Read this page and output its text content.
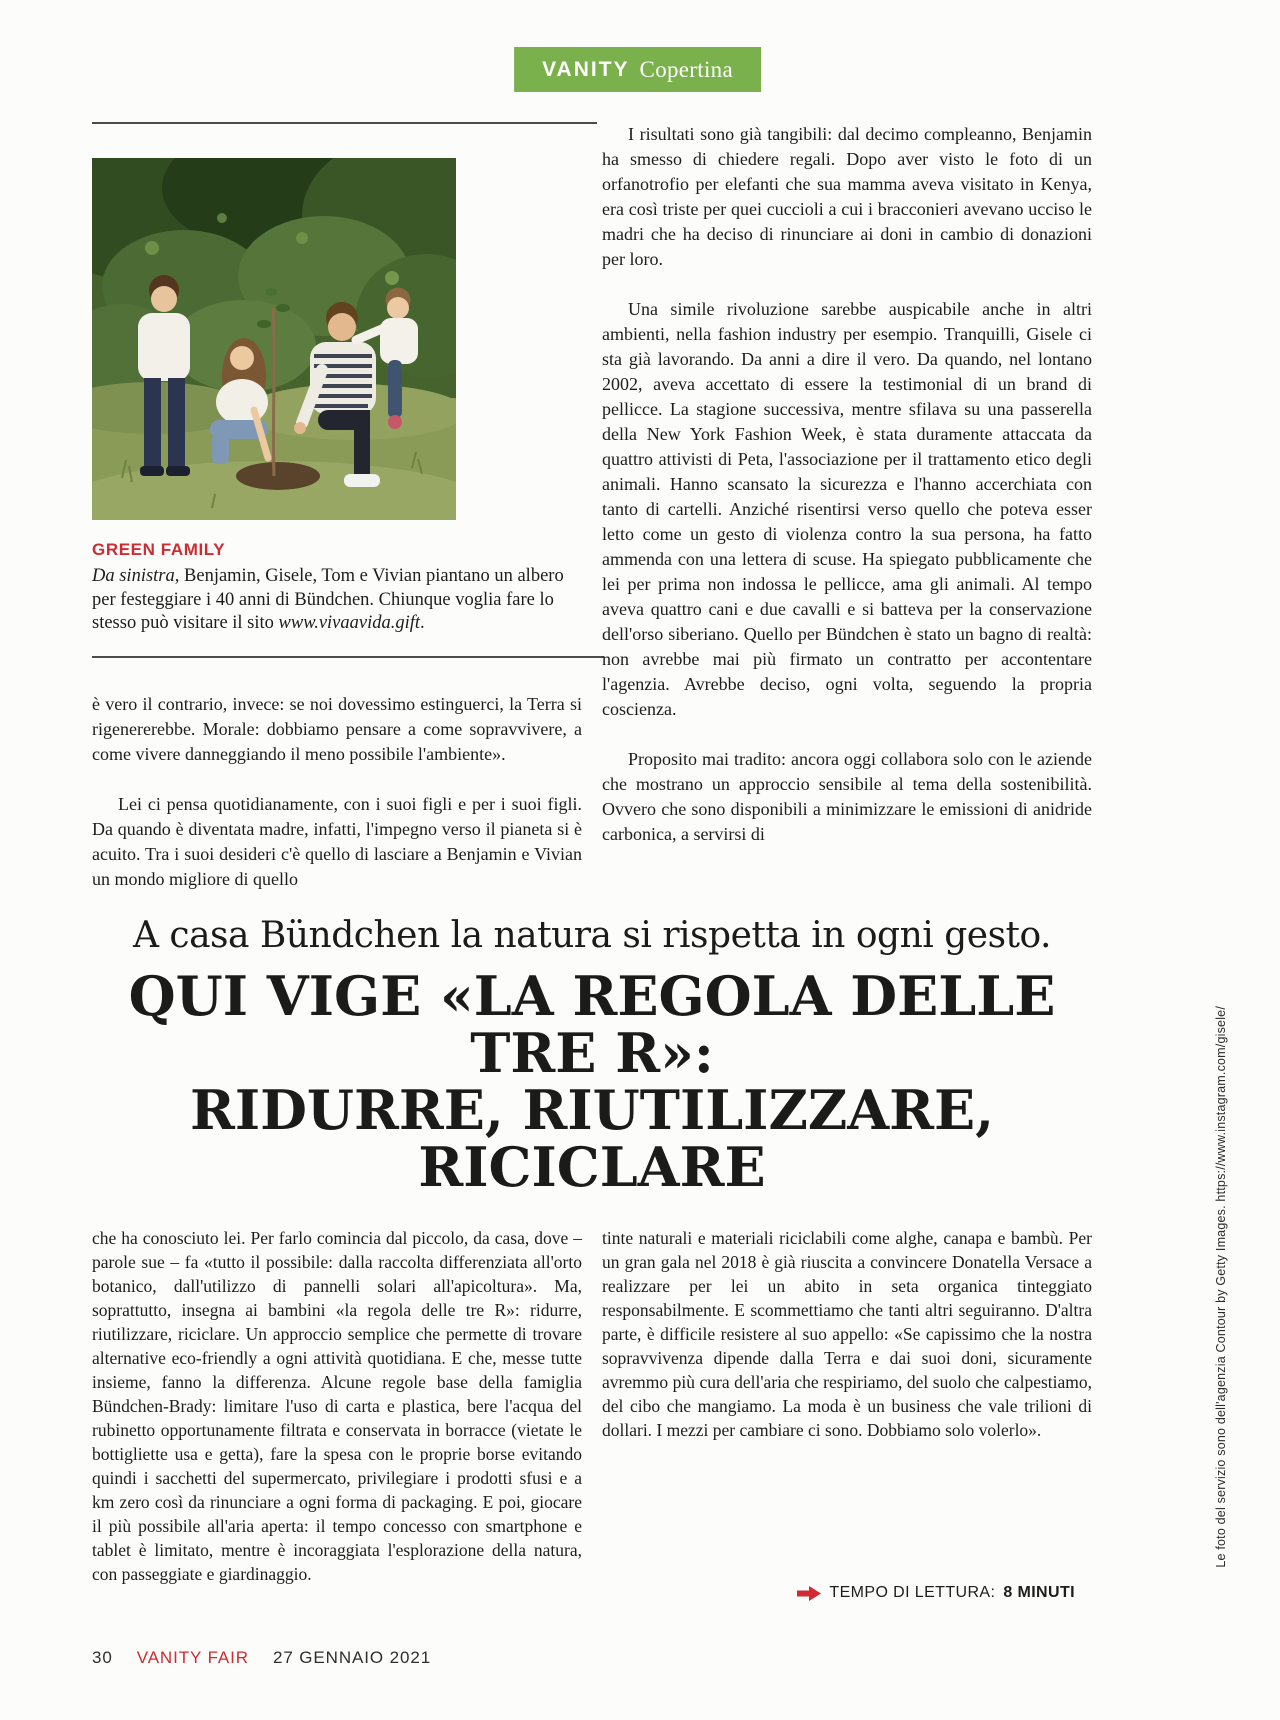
VANITY Copertina

GREEN FAMILY

Da sinistra, Benjamin, Gisele, Tom e Vivian piantano un albero per festeggiare i 40 anni di Bündchen. Chiunque voglia fare lo stesso può visitare il sito www.vivaavida.gift.

è vero il contrario, invece: se noi dovessimo estinguerci, la Terra si rigenererebbe. Morale: dobbiamo pensare a come sopravvivere, a come vivere danneggiando il meno possibile l'ambiente».

Lei ci pensa quotidianamente, con i suoi figli e per i suoi figli. Da quando è diventata madre, infatti, l'impegno verso il pianeta si è acuito. Tra i suoi desideri c'è quello di lasciare a Benjamin e Vivian un mondo migliore di quello

I risultati sono già tangibili: dal decimo compleanno, Benjamin ha smesso di chiedere regali. Dopo aver visto le foto di un orfanotrofio per elefanti che sua mamma aveva visitato in Kenya, era così triste per quei cuccioli a cui i bracconieri avevano ucciso le madri che ha deciso di rinunciare ai doni in cambio di donazioni per loro.

Una simile rivoluzione sarebbe auspicabile anche in altri ambienti, nella fashion industry per esempio. Tranquilli, Gisele ci sta già lavorando. Da anni a dire il vero. Da quando, nel lontano 2002, aveva accettato di essere la testimonial di un brand di pellicce. La stagione successiva, mentre sfilava su una passerella della New York Fashion Week, è stata duramente attaccata da quattro attivisti di Peta, l'associazione per il trattamento etico degli animali. Hanno scansato la sicurezza e l'hanno accerchiata con tanto di cartelli. Anziché risentirsi verso quello che poteva esser letto come un gesto di violenza contro la sua persona, ha fatto ammenda con una lettera di scuse. Ha spiegato pubblicamente che lei per prima non indossa le pellicce, ama gli animali. Al tempo aveva quattro cani e due cavalli e si batteva per la conservazione dell'orso siberiano. Quello per Bündchen è stato un bagno di realtà: non avrebbe mai più firmato un contratto per accontentare l'agenzia. Avrebbe deciso, ogni volta, seguendo la propria coscienza.

Proposito mai tradito: ancora oggi collabora solo con le aziende che mostrano un approccio sensibile al tema della sostenibilità. Ovvero che sono disponibili a minimizzare le emissioni di anidride carbonica, a servirsi di

A casa Bündchen la natura si rispetta in ogni gesto.

QUI VIGE «LA REGOLA DELLE TRE R»:

RIDURRE, RIUTILIZZARE, RICICLARE

che ha conosciuto lei. Per farlo comincia dal piccolo, da casa, dove – parole sue – fa «tutto il possibile: dalla raccolta differenziata all'orto botanico, dall'utilizzo di pannelli solari all'apicoltura». Ma, soprattutto, insegna ai bambini «la regola delle tre R»: ridurre, riutilizzare, riciclare. Un approccio semplice che permette di trovare alternative eco-friendly a ogni attività quotidiana. E che, messe tutte insieme, fanno la differenza. Alcune regole base della famiglia Bündchen-Brady: limitare l'uso di carta e plastica, bere l'acqua del rubinetto opportunamente filtrata e conservata in borracce (vietate le bottigliette usa e getta), fare la spesa con le proprie borse evitando quindi i sacchetti del supermercato, privilegiare i prodotti sfusi e a km zero così da rinunciare a ogni forma di packaging. E poi, giocare il più possibile all'aria aperta: il tempo concesso con smartphone e tablet è limitato, mentre è incoraggiata l'esplorazione della natura, con passeggiate e giardinaggio.

tinte naturali e materiali riciclabili come alghe, canapa e bambù. Per un gran gala nel 2018 è già riuscita a convincere Donatella Versace a realizzare per lei un abito in seta organica tinteggiato responsabilmente. E scommettiamo che tanti altri seguiranno. D'altra parte, è difficile resistere al suo appello: «Se capissimo che la nostra sopravvivenza dipende dalla Terra e dai suoi doni, sicuramente avremmo più cura dell'aria che respiriamo, del suolo che calpestiamo, del cibo che mangiamo. La moda è un business che vale trilioni di dollari. I mezzi per cambiare ci sono. Dobbiamo solo volerlo».

TEMPO DI LETTURA: 8 MINUTI
30 VANITY FAIR 27 GENNAIO 2021
Le foto del servizio sono dell'agenzia Contour by Getty Images. https://www.instagram.com/gisele/
